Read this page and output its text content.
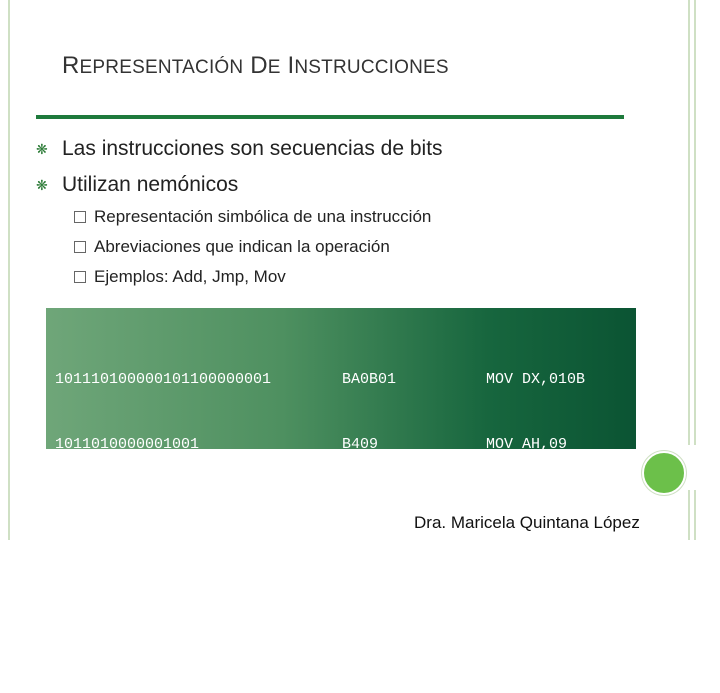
REPRESENTACIÓN DE INSTRUCCIONES
❋ Las instrucciones son secuencias de bits
❋ Utilizan nemónicos
Representación simbólica de una instrucción
Abreviaciones que indican la operación
Ejemplos: Add, Jmp, Mov

101110100000101100000001

1011010000001001

1100110100100001

1011010000000000

1100110100100001

BA0B01

B409

CD21

B400

CD21

MOV DX,010B

MOV AH,09

INT 21

MOV AH,00

INT 21

Dra. Maricela Quintana López
